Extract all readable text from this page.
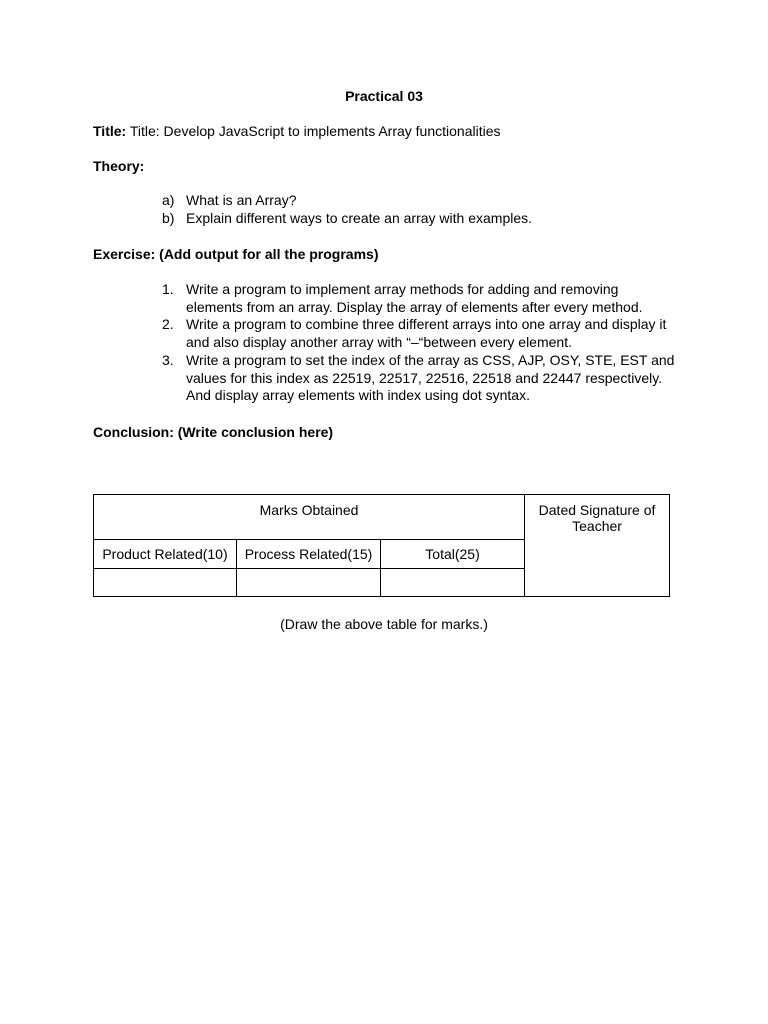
Practical 03
Title: Title: Develop JavaScript to implements Array functionalities
Theory:
a) What is an Array?
b) Explain different ways to create an array with examples.
Exercise: (Add output for all the programs)
1. Write a program to implement array methods for adding and removing elements from an array. Display the array of elements after every method.
2. Write a program to combine three different arrays into one array and display it and also display another array with “–“between every element.
3. Write a program to set the index of the array as CSS, AJP, OSY, STE, EST and values for this index as 22519, 22517, 22516, 22518 and 22447 respectively. And display array elements with index using dot syntax.
Conclusion: (Write conclusion here)
Marks Obtained			Dated Signature of Teacher

Product Related(10)	Process Related(15)	Total(25)	

(Draw the above table for marks.)
